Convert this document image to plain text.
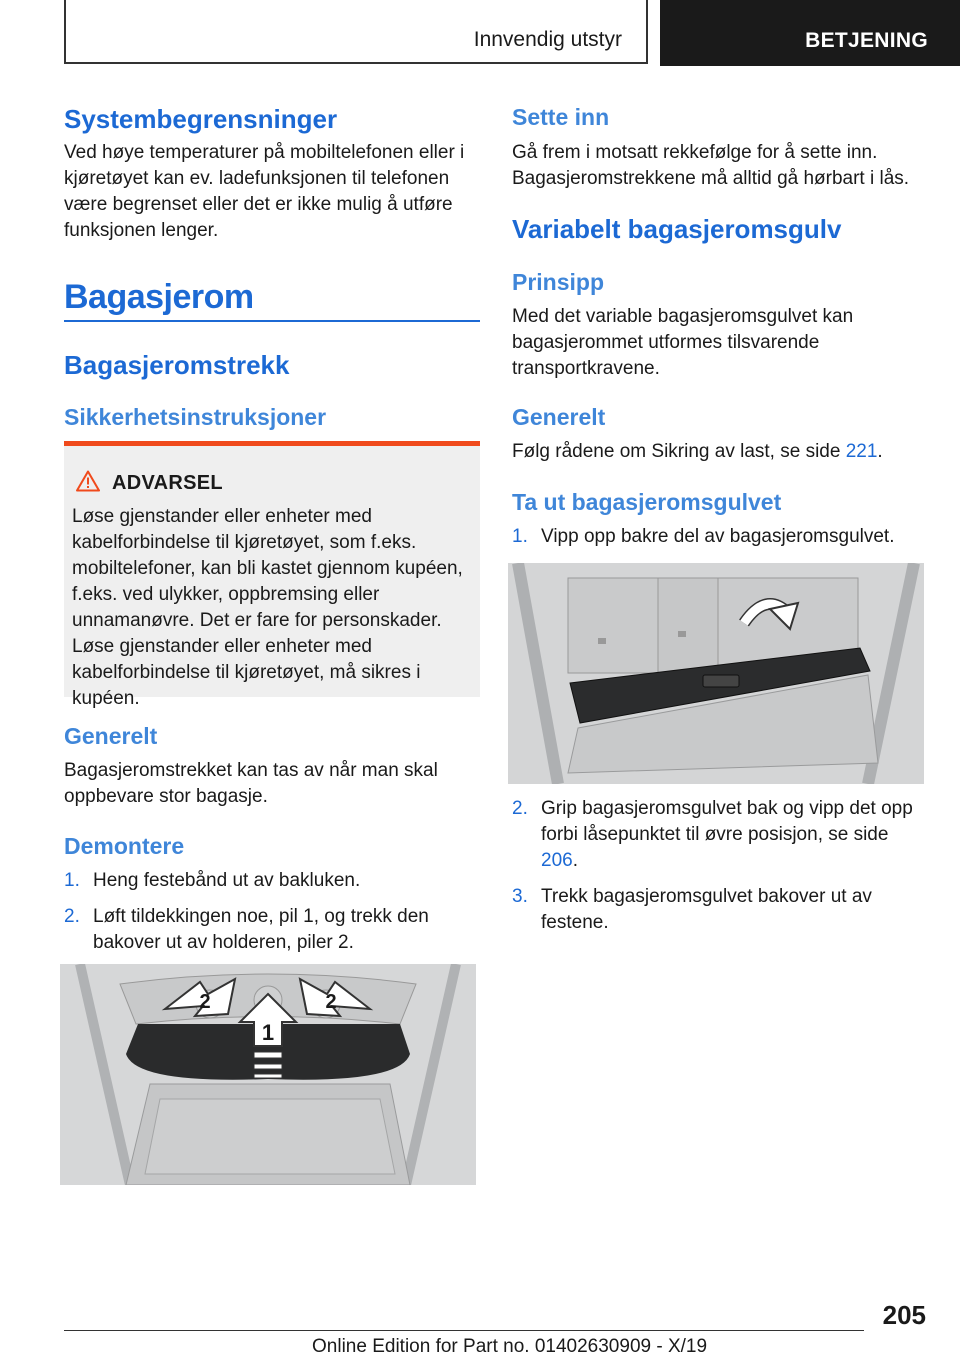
Innvendig utstyr	BETJENING
Systembegrensninger

Ved høye temperaturer på mobiltelefonen eller i kjøretøyet kan ev. ladefunksjonen til telefonen være begrenset eller det er ikke mulig å utføre funksjonen lenger.

Bagasjerom
Bagasjeromstrekk
Sikkerhetsinstruksjoner
ADVARSEL

Løse gjenstander eller enheter med kabelforbindelse til kjøretøyet, som f.eks. mobiltelefoner, kan bli kastet gjennom kupéen, f.eks. ved ulykker, oppbremsing eller unnamanøvre. Det er fare for personskader. Løse gjenstander eller enheter med kabelforbindelse til kjøretøyet, må sikres i kupéen.

Generelt

Bagasjeromstrekket kan tas av når man skal oppbevare stor bagasje.

Demontere
1. Heng festebånd ut av bakluken.
2. Løft tildekkingen noe, pil 1, og trekk den bakover ut av holderen, piler 2.
1
2	2
Sette inn

Gå frem i motsatt rekkefølge for å sette inn. Bagasjeromstrekkene må alltid gå hørbart i lås.

Variabelt bagasjeromsgulv
Prinsipp

Med det variable bagasjeromsgulvet kan bagasjerommet utformes tilsvarende transportkravene.

Generelt

Følg rådene om Sikring av last, se side 221.

Ta ut bagasjeromsgulvet
1. Vipp opp bakre del av bagasjeromsgulvet.
2. Grip bagasjeromsgulvet bak og vipp det opp forbi låsepunktet til øvre posisjon, se side 206.
3. Trekk bagasjeromsgulvet bakover ut av festene.
205
Online Edition for Part no. 01402630909 - X/19
